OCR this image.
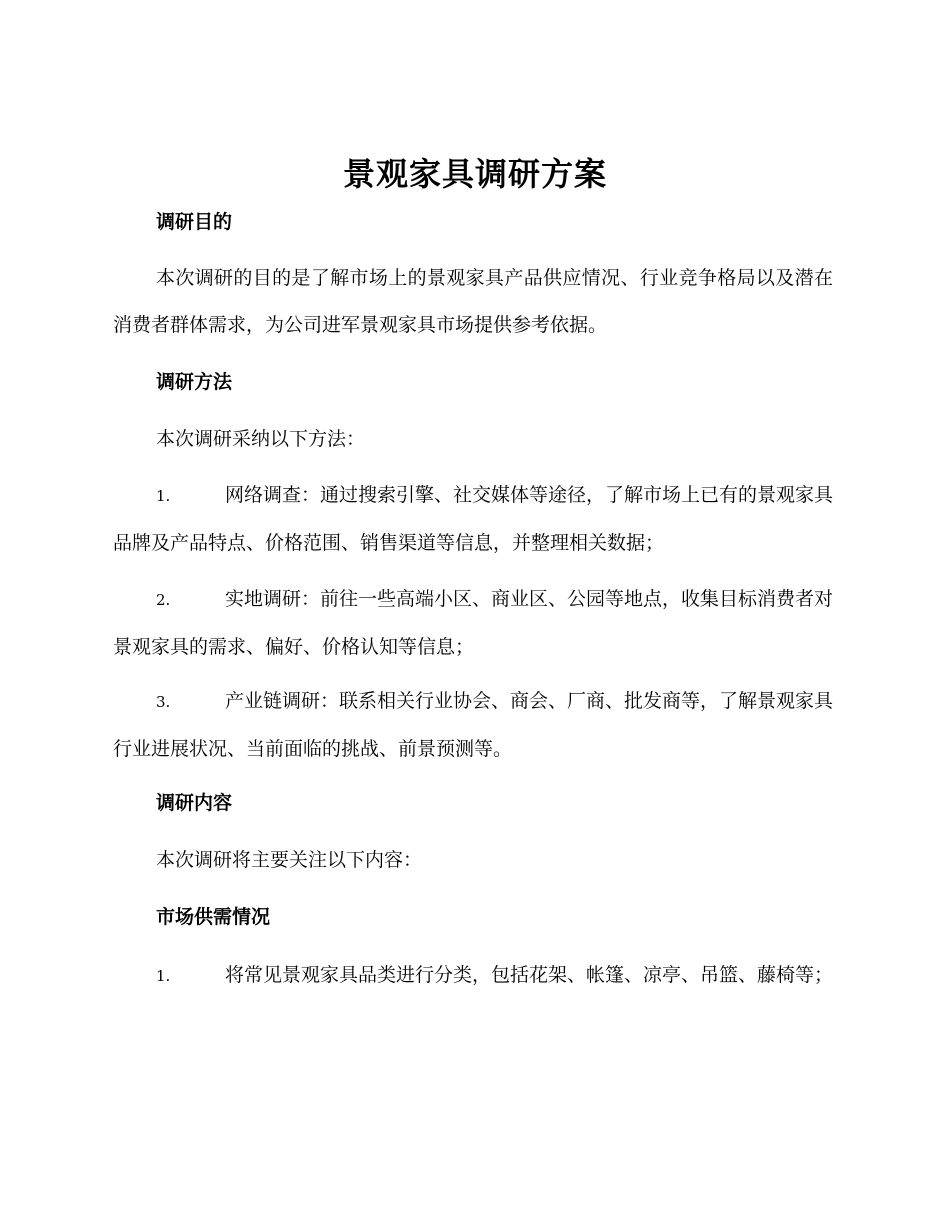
景观家具调研方案
调研目的
本次调研的目的是了解市场上的景观家具产品供应情况、行业竞争格局以及潜在消费者群体需求，为公司进军景观家具市场提供参考依据。
调研方法
本次调研采纳以下方法：
1.	网络调查：通过搜索引擎、社交媒体等途径，了解市场上已有的景观家具品牌及产品特点、价格范围、销售渠道等信息，并整理相关数据；
2.	实地调研：前往一些高端小区、商业区、公园等地点，收集目标消费者对景观家具的需求、偏好、价格认知等信息；
3.	产业链调研：联系相关行业协会、商会、厂商、批发商等，了解景观家具行业进展状况、当前面临的挑战、前景预测等。
调研内容
本次调研将主要关注以下内容：
市场供需情况
1.	将常见景观家具品类进行分类，包括花架、帐篷、凉亭、吊篮、藤椅等；
